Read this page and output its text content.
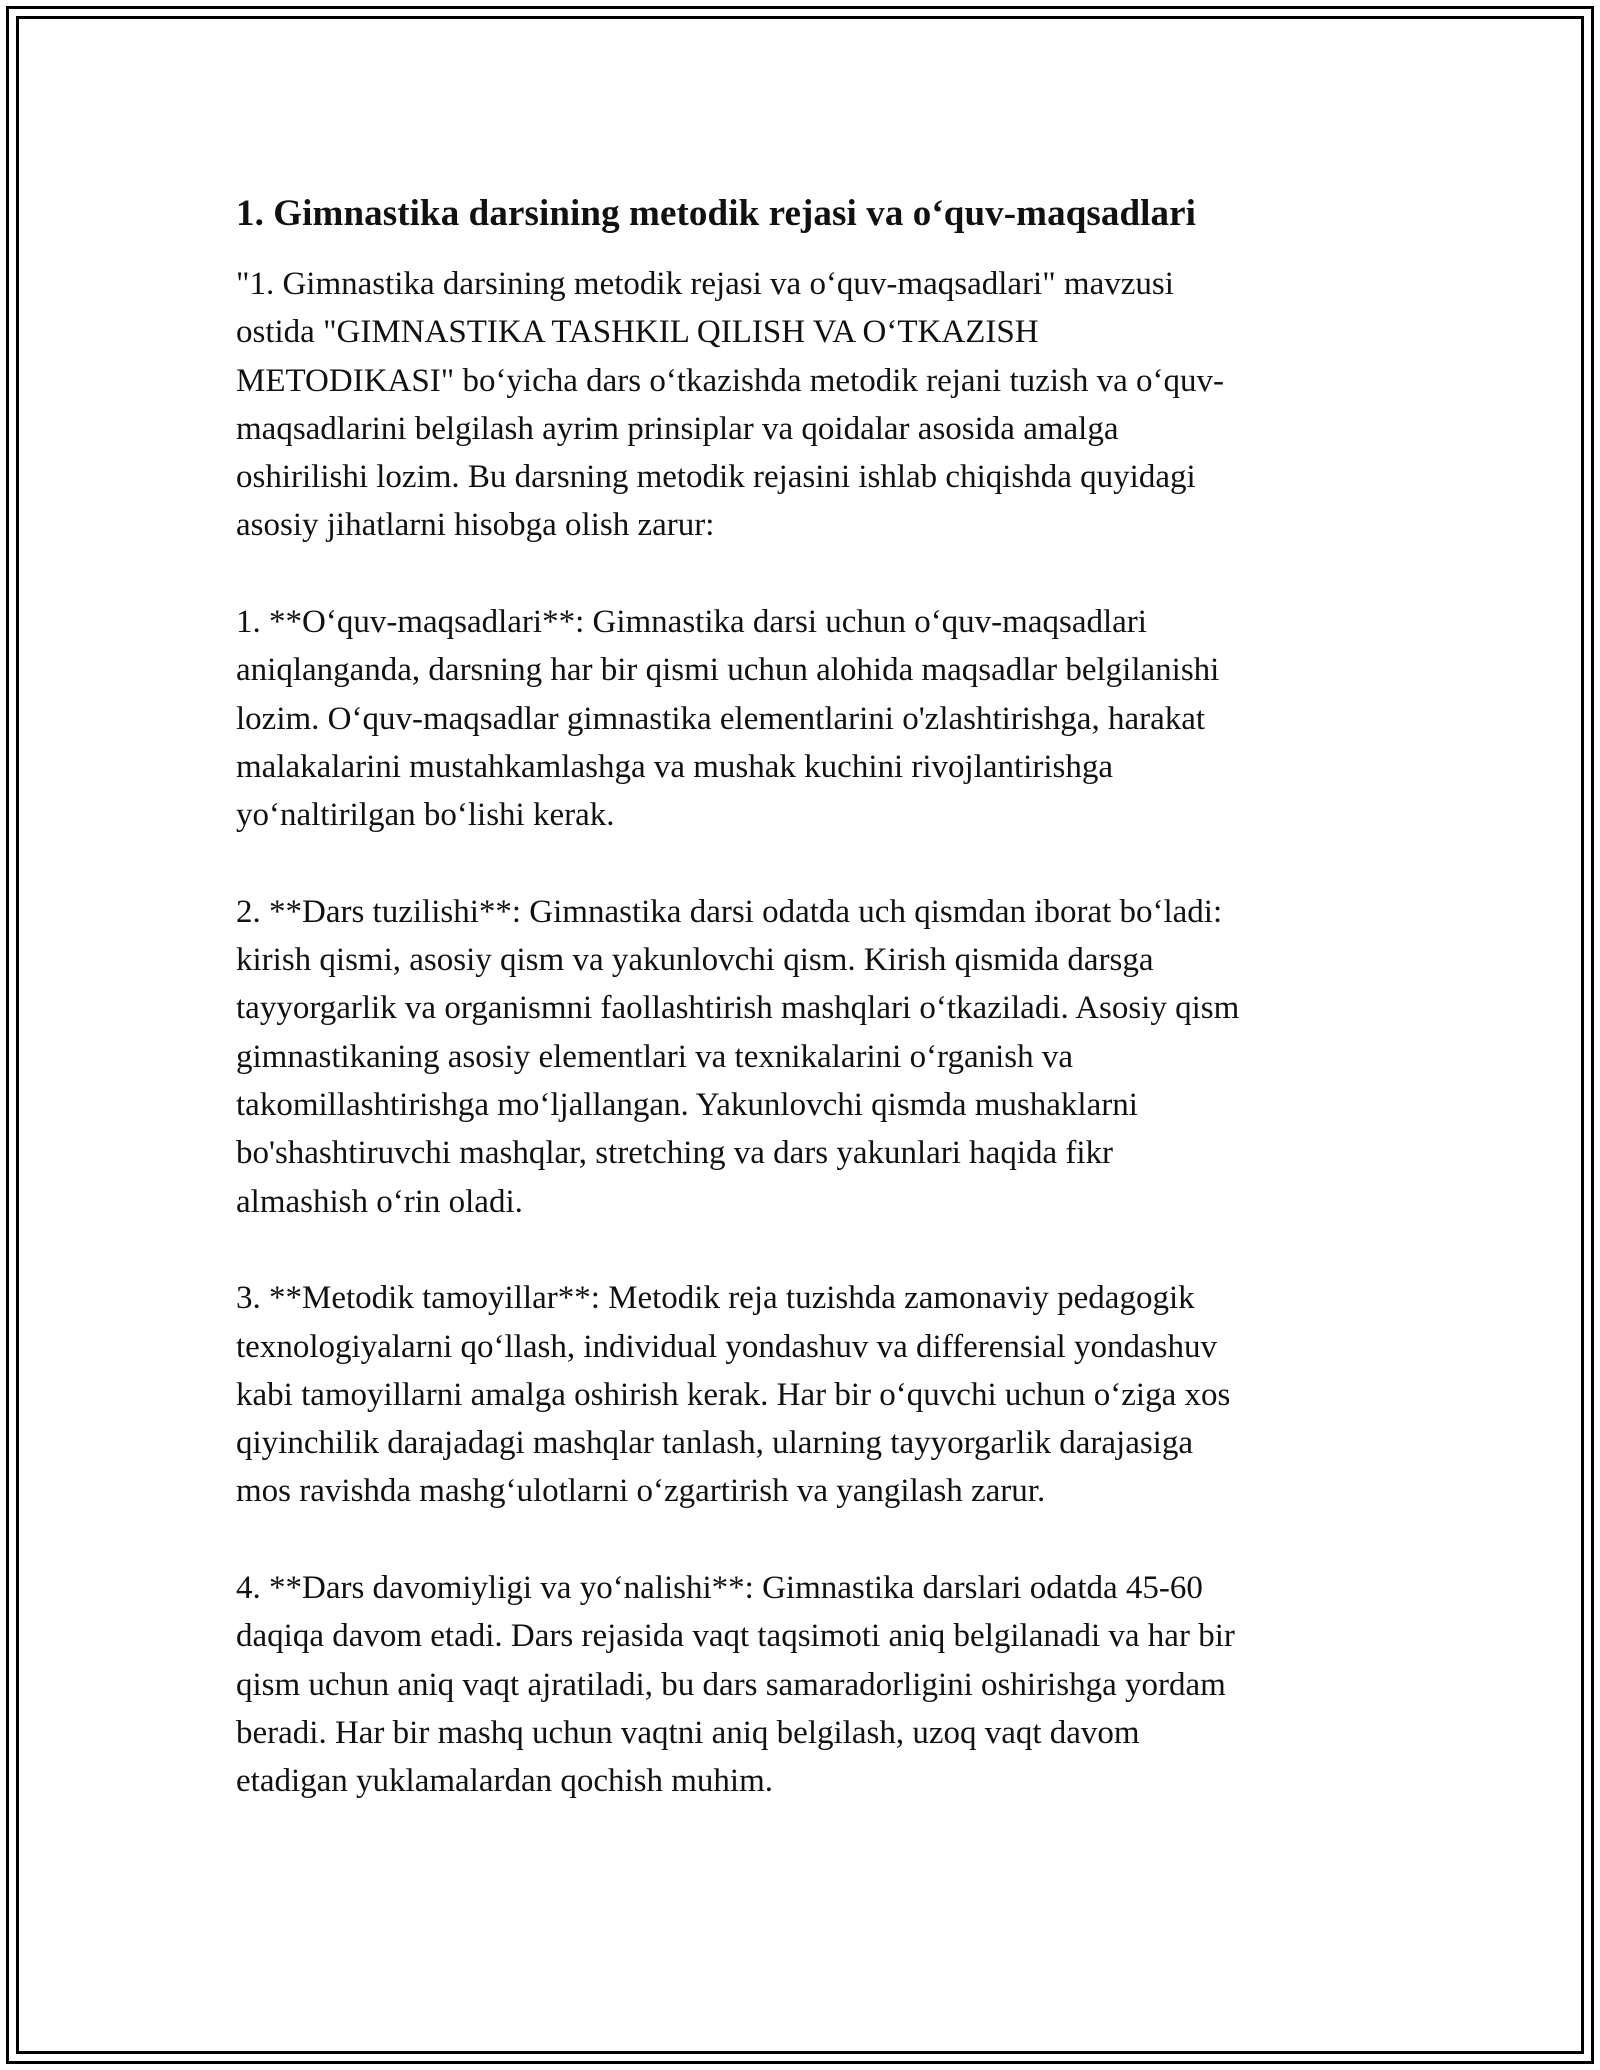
1. Gimnastika darsining metodik rejasi va o‘quv-maqsadlari
"1. Gimnastika darsining metodik rejasi va o‘quv-maqsadlari" mavzusi
ostida "GIMNASTIKA TASHKIL QILISH VA O‘TKAZISH
METODIKASI" bo‘yicha dars o‘tkazishda metodik rejani tuzish va o‘quv-
maqsadlarini belgilash ayrim prinsiplar va qoidalar asosida amalga
oshirilishi lozim. Bu darsning metodik rejasini ishlab chiqishda quyidagi
asosiy jihatlarni hisobga olish zarur:
1. **O‘quv-maqsadlari**: Gimnastika darsi uchun o‘quv-maqsadlari
aniqlanganda, darsning har bir qismi uchun alohida maqsadlar belgilanishi
lozim. O‘quv-maqsadlar gimnastika elementlarini o'zlashtirishga, harakat
malakalarini mustahkamlashga va mushak kuchini rivojlantirishga
yo‘naltirilgan bo‘lishi kerak.
2. **Dars tuzilishi**: Gimnastika darsi odatda uch qismdan iborat bo‘ladi:
kirish qismi, asosiy qism va yakunlovchi qism. Kirish qismida darsga
tayyorgarlik va organismni faollashtirish mashqlari o‘tkaziladi. Asosiy qism
gimnastikaning asosiy elementlari va texnikalarini o‘rganish va
takomillashtirishga mo‘ljallangan. Yakunlovchi qismda mushaklarni
bo'shashtiruvchi mashqlar, stretching va dars yakunlari haqida fikr
almashish o‘rin oladi.
3. **Metodik tamoyillar**: Metodik reja tuzishda zamonaviy pedagogik
texnologiyalarni qo‘llash, individual yondashuv va differensial yondashuv
kabi tamoyillarni amalga oshirish kerak. Har bir o‘quvchi uchun o‘ziga xos
qiyinchilik darajadagi mashqlar tanlash, ularning tayyorgarlik darajasiga
mos ravishda mashg‘ulotlarni o‘zgartirish va yangilash zarur.
4. **Dars davomiyligi va yo‘nalishi**: Gimnastika darslari odatda 45-60
daqiqa davom etadi. Dars rejasida vaqt taqsimoti aniq belgilanadi va har bir
qism uchun aniq vaqt ajratiladi, bu dars samaradorligini oshirishga yordam
beradi. Har bir mashq uchun vaqtni aniq belgilash, uzoq vaqt davom
etadigan yuklamalardan qochish muhim.
